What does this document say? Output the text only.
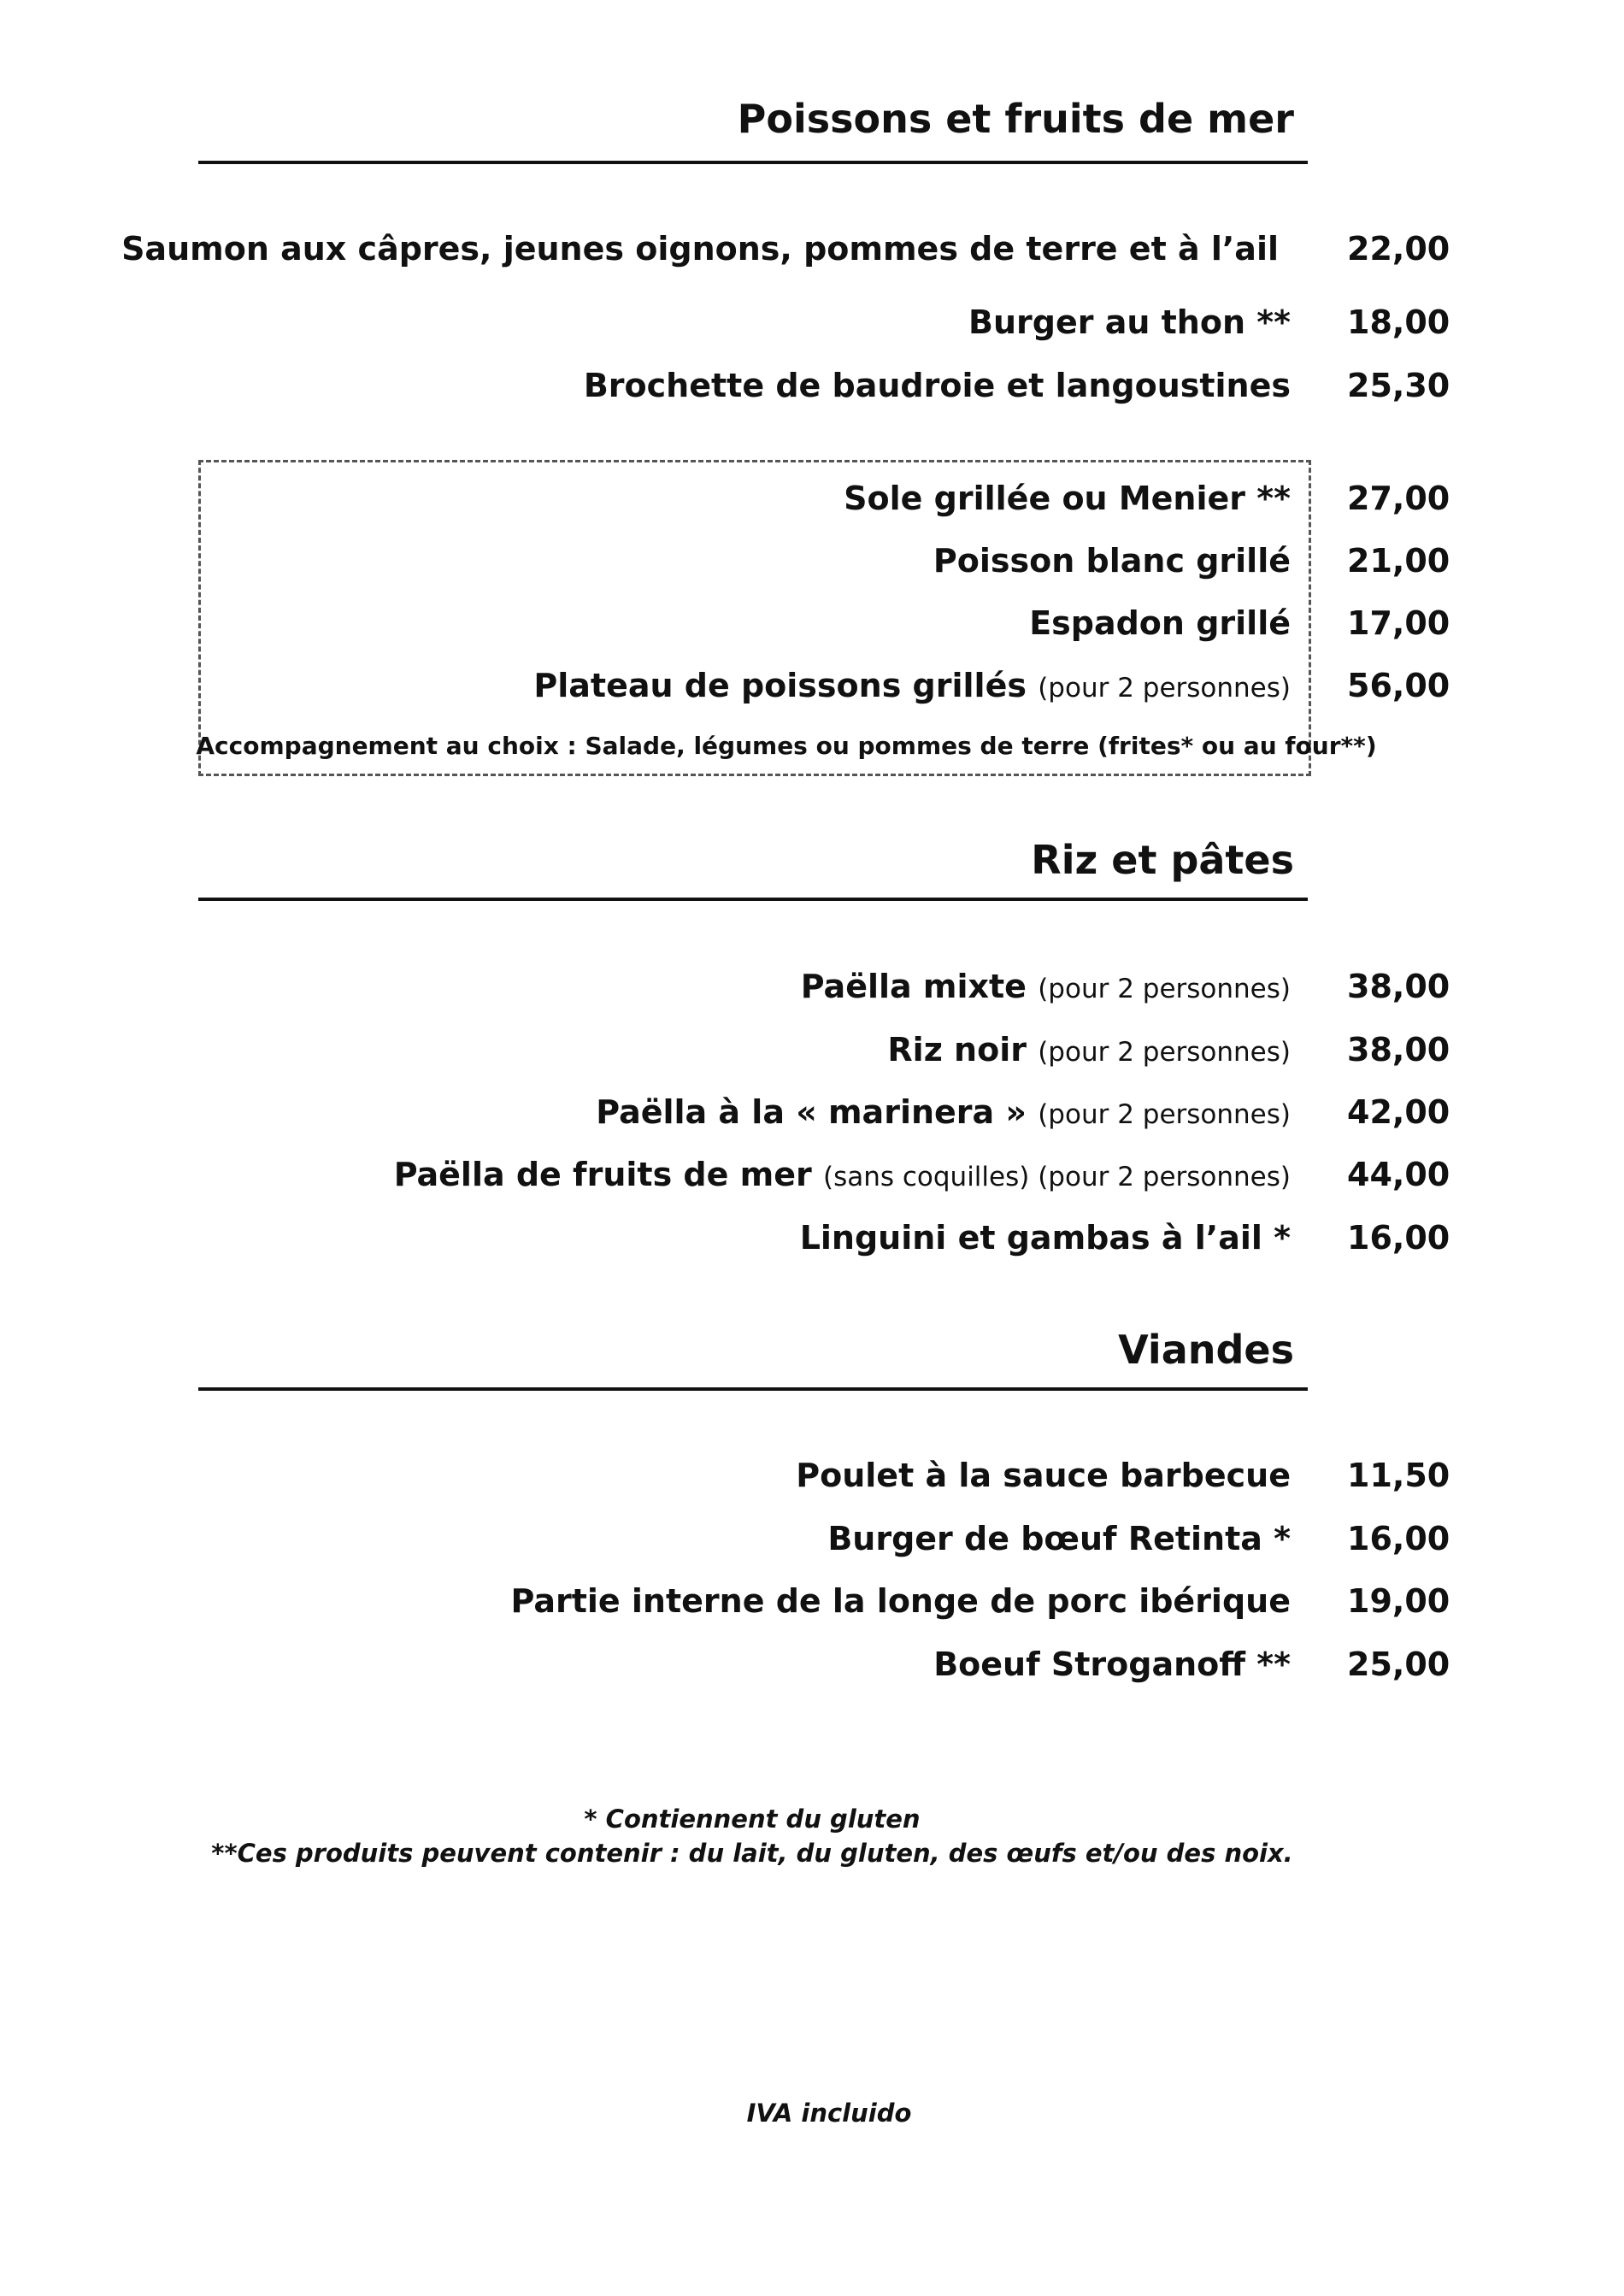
Poissons et fruits de mer
Saumon aux câpres, jeunes oignons, pommes de terre et à l’ail 22,00
Burger au thon ** 18,00
Brochette de baudroie et langoustines 25,30
Sole grillée ou Menier ** 27,00
Poisson blanc grillé 21,00
Espadon grillé 17,00
Plateau de poissons grillés (pour 2 personnes) 56,00
Accompagnement au choix : Salade, légumes ou pommes de terre (frites* ou au four**)
Riz et pâtes
Paëlla mixte (pour 2 personnes) 38,00
Riz noir (pour 2 personnes) 38,00
Paëlla à la « marinera » (pour 2 personnes) 42,00
Paëlla de fruits de mer (sans coquilles) (pour 2 personnes) 44,00
Linguini et gambas à l’ail * 16,00
Viandes
Poulet à la sauce barbecue 11,50
Burger de bœuf Retinta * 16,00
Partie interne de la longe de porc ibérique 19,00
Boeuf Stroganoff ** 25,00
* Contiennent du gluten
**Ces produits peuvent contenir : du lait, du gluten, des œufs et/ou des noix.
IVA incluido
